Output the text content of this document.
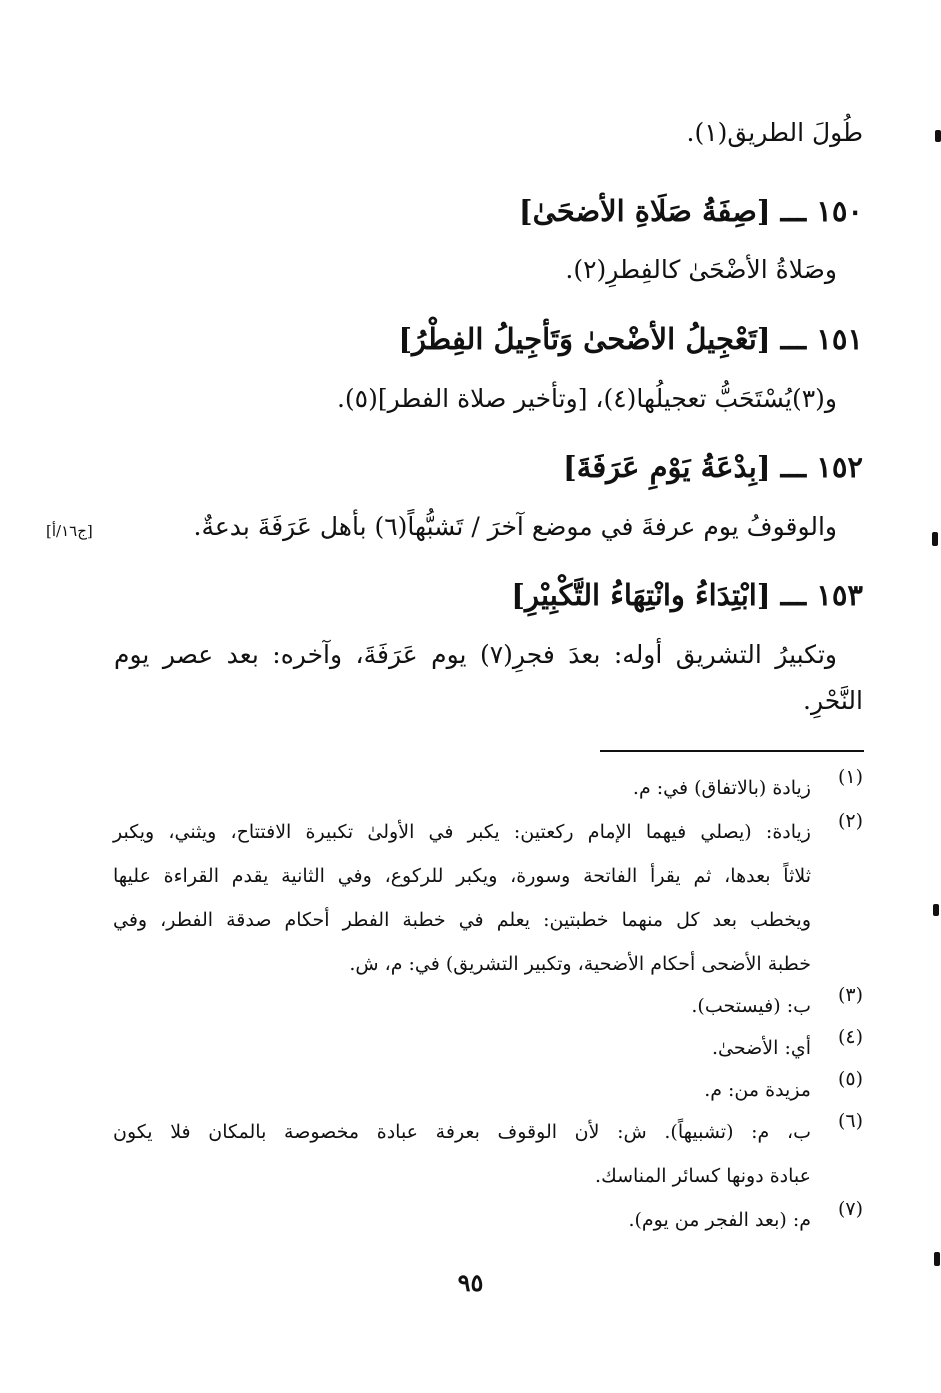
طُولَ الطريق(١).
١٥٠ ـــ [صِفَةُ صَلَاةِ الأضحَىٰ]
وصَلاةُ الأضْحَىٰ كالفِطرِ(٢).
١٥١ ـــ [تَعْجِيلُ الأضْحىٰ وَتَأجِيلُ الفِطْرُ]
و(٣)يُسْتَحَبُّ تعجيلُها(٤)، [وتأخير صلاة الفطر](٥).
١٥٢ ـــ [بِدْعَةُ يَوْمِ عَرَفَةَ]
والوقوفُ يوم عرفةَ في موضع آخرَ / تَشبُّهاً(٦) بأهل عَرَفَةَ بدعةٌ.
[ج١٦/أ]
١٥٣ ـــ [ابْتِدَاءُ وانْتِهَاءُ التَّكْبِيْرِ]
وتكبيرُ التشريق أوله: بعدَ فجرِ(٧) يوم عَرَفَةَ، وآخره: بعد عصر يوم
النَّحْرِ.
(١)
زيادة (بالاتفاق) في: م.
(٢)
زيادة: (يصلي فيهما الإمام ركعتين: يكبر في الأولىٰ تكبيرة الافتتاح، ويثني، ويكبر
ثلاثاً بعدها، ثم يقرأ الفاتحة وسورة، ويكبر للركوع، وفي الثانية يقدم القراءة عليها
ويخطب بعد كل منهما خطبتين: يعلم في خطبة الفطر أحكام صدقة الفطر، وفي
خطبة الأضحى أحكام الأضحية، وتكبير التشريق) في: م، ش.
(٣)
ب: (فيستحب).
(٤)
أي: الأضحىٰ.
(٥)
مزيدة من: م.
(٦)
ب، م: (تشبيهاً). ش: لأن الوقوف بعرفة عبادة مخصوصة بالمكان فلا يكون
عبادة دونها كسائر المناسك.
(٧)
م: (بعد الفجر من يوم).
٩٥
